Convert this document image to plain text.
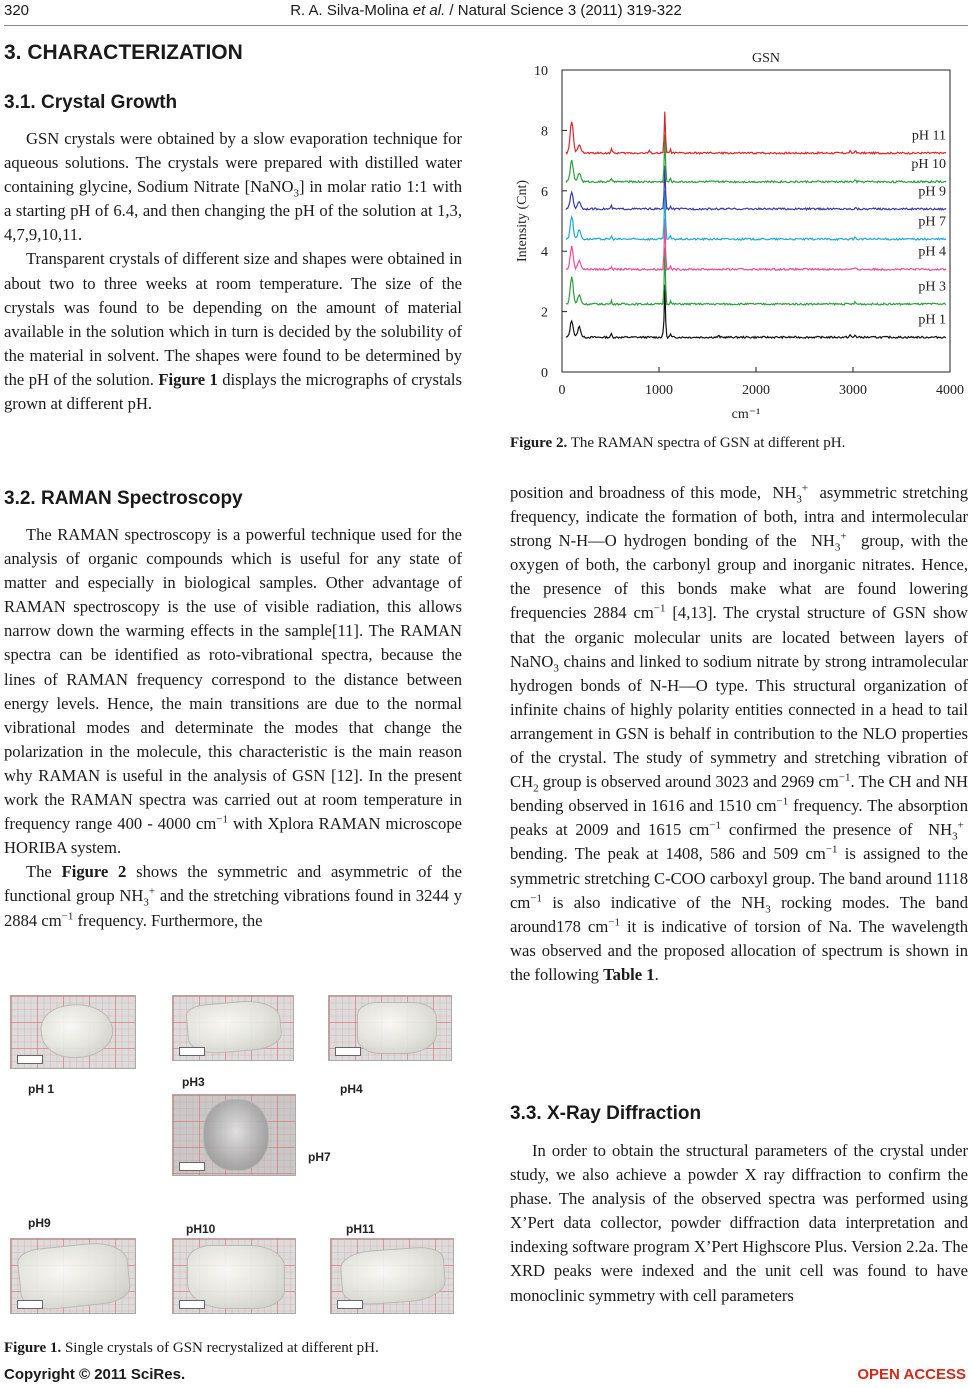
320	R. A. Silva-Molina et al. / Natural Science 3 (2011) 319-322
3. CHARACTERIZATION
3.1. Crystal Growth

GSN crystals were obtained by a slow evaporation technique for aqueous solutions. The crystals were prepared with distilled water containing glycine, Sodium Nitrate [NaNO$_3$] in molar ratio 1:1 with a starting pH of 6.4, and then changing the pH of the solution at 1,3, 4,7,9,10,11.

Transparent crystals of different size and shapes were obtained in about two to three weeks at room temperature. The size of the crystals was found to be depending on the amount of material available in the solution which in turn is decided by the solubility of the material in solvent. The shapes were found to be determined by the pH of the solution. Figure 1 displays the micrographs of crystals grown at different pH.

3.2. RAMAN Spectroscopy

The RAMAN spectroscopy is a powerful technique used for the analysis of organic compounds which is useful for any state of matter and especially in biological samples. Other advantage of RAMAN spectroscopy is the use of visible radiation, this allows narrow down the warming effects in the sample[11]. The RAMAN spectra can be identified as roto-vibrational spectra, because the lines of RAMAN frequency correspond to the distance between energy levels. Hence, the main transitions are due to the normal vibrational modes and determinate the modes that change the polarization in the molecule, this characteristic is the main reason why RAMAN is useful in the analysis of GSN [12]. In the present work the RAMAN spectra was carried out at room temperature in frequency range 400 - 4000 $cm^{-1}$ with Xplora RAMAN microscope HORIBA system.

The Figure 2 shows the symmetric and asymmetric of the functional group $NH_3^+$ and the stretching vibrations found in 3244 y 2884 $cm^{-1}$ frequency. Furthermore, the

pH 1	pH3	pH4
pH7
pH9	pH10	pH11
Figure 1. Single crystals of GSN recrystalized at different pH.
GSN
0	1000	2000	3000	4000
0
2
4
6
8
10
cm⁻¹
Intensity (Cnt)
pH 1
pH 3
pH 4
pH 7
pH 9
pH 10
pH 11
Figure 2. The RAMAN spectra of GSN at different pH.

position and broadness of this mode,  $NH_3^+$  asymmetric stretching frequency, indicate the formation of both, intra and intermolecular strong N-H—O hydrogen bonding of the  $NH_3^+$  group, with the oxygen of both, the carbonyl group and inorganic nitrates. Hence, the presence of this bonds make what are found lowering frequencies 2884 $cm^{-1}$ [4,13]. The crystal structure of GSN show that the organic molecular units are located between layers of NaNO$_3$ chains and linked to sodium nitrate by strong intramolecular hydrogen bonds of N-H—O type. This structural organization of infinite chains of highly polarity entities connected in a head to tail arrangement in GSN is behalf in contribution to the NLO properties of the crystal. The study of symmetry and stretching vibration of $CH_2$ group is observed around 3023 and 2969 $cm^{-1}$. The CH and NH bending observed in 1616 and 1510 $cm^{-1}$ frequency. The absorption peaks at 2009 and 1615 $cm^{-1}$ confirmed the presence of  $NH_3^+$  bending. The peak at 1408, 586 and 509 $cm^{-1}$ is assigned to the symmetric stretching C-COO carboxyl group. The band around 1118 $cm^{-1}$ is also indicative of the $NH_3$ rocking modes. The band around178 $cm^{-1}$ it is indicative of torsion of Na. The wavelength was observed and the proposed allocation of spectrum is shown in the following Table 1.

3.3. X-Ray Diffraction

In order to obtain the structural parameters of the crystal under study, we also achieve a powder X ray diffraction to confirm the phase. The analysis of the observed spectra was performed using X’Pert data collector, powder diffraction data interpretation and indexing software program X’Pert Highscore Plus. Version 2.2a. The XRD peaks were indexed and the unit cell was found to have monoclinic symmetry with cell parameters

Copyright © 2011 SciRes.	OPEN ACCESS
